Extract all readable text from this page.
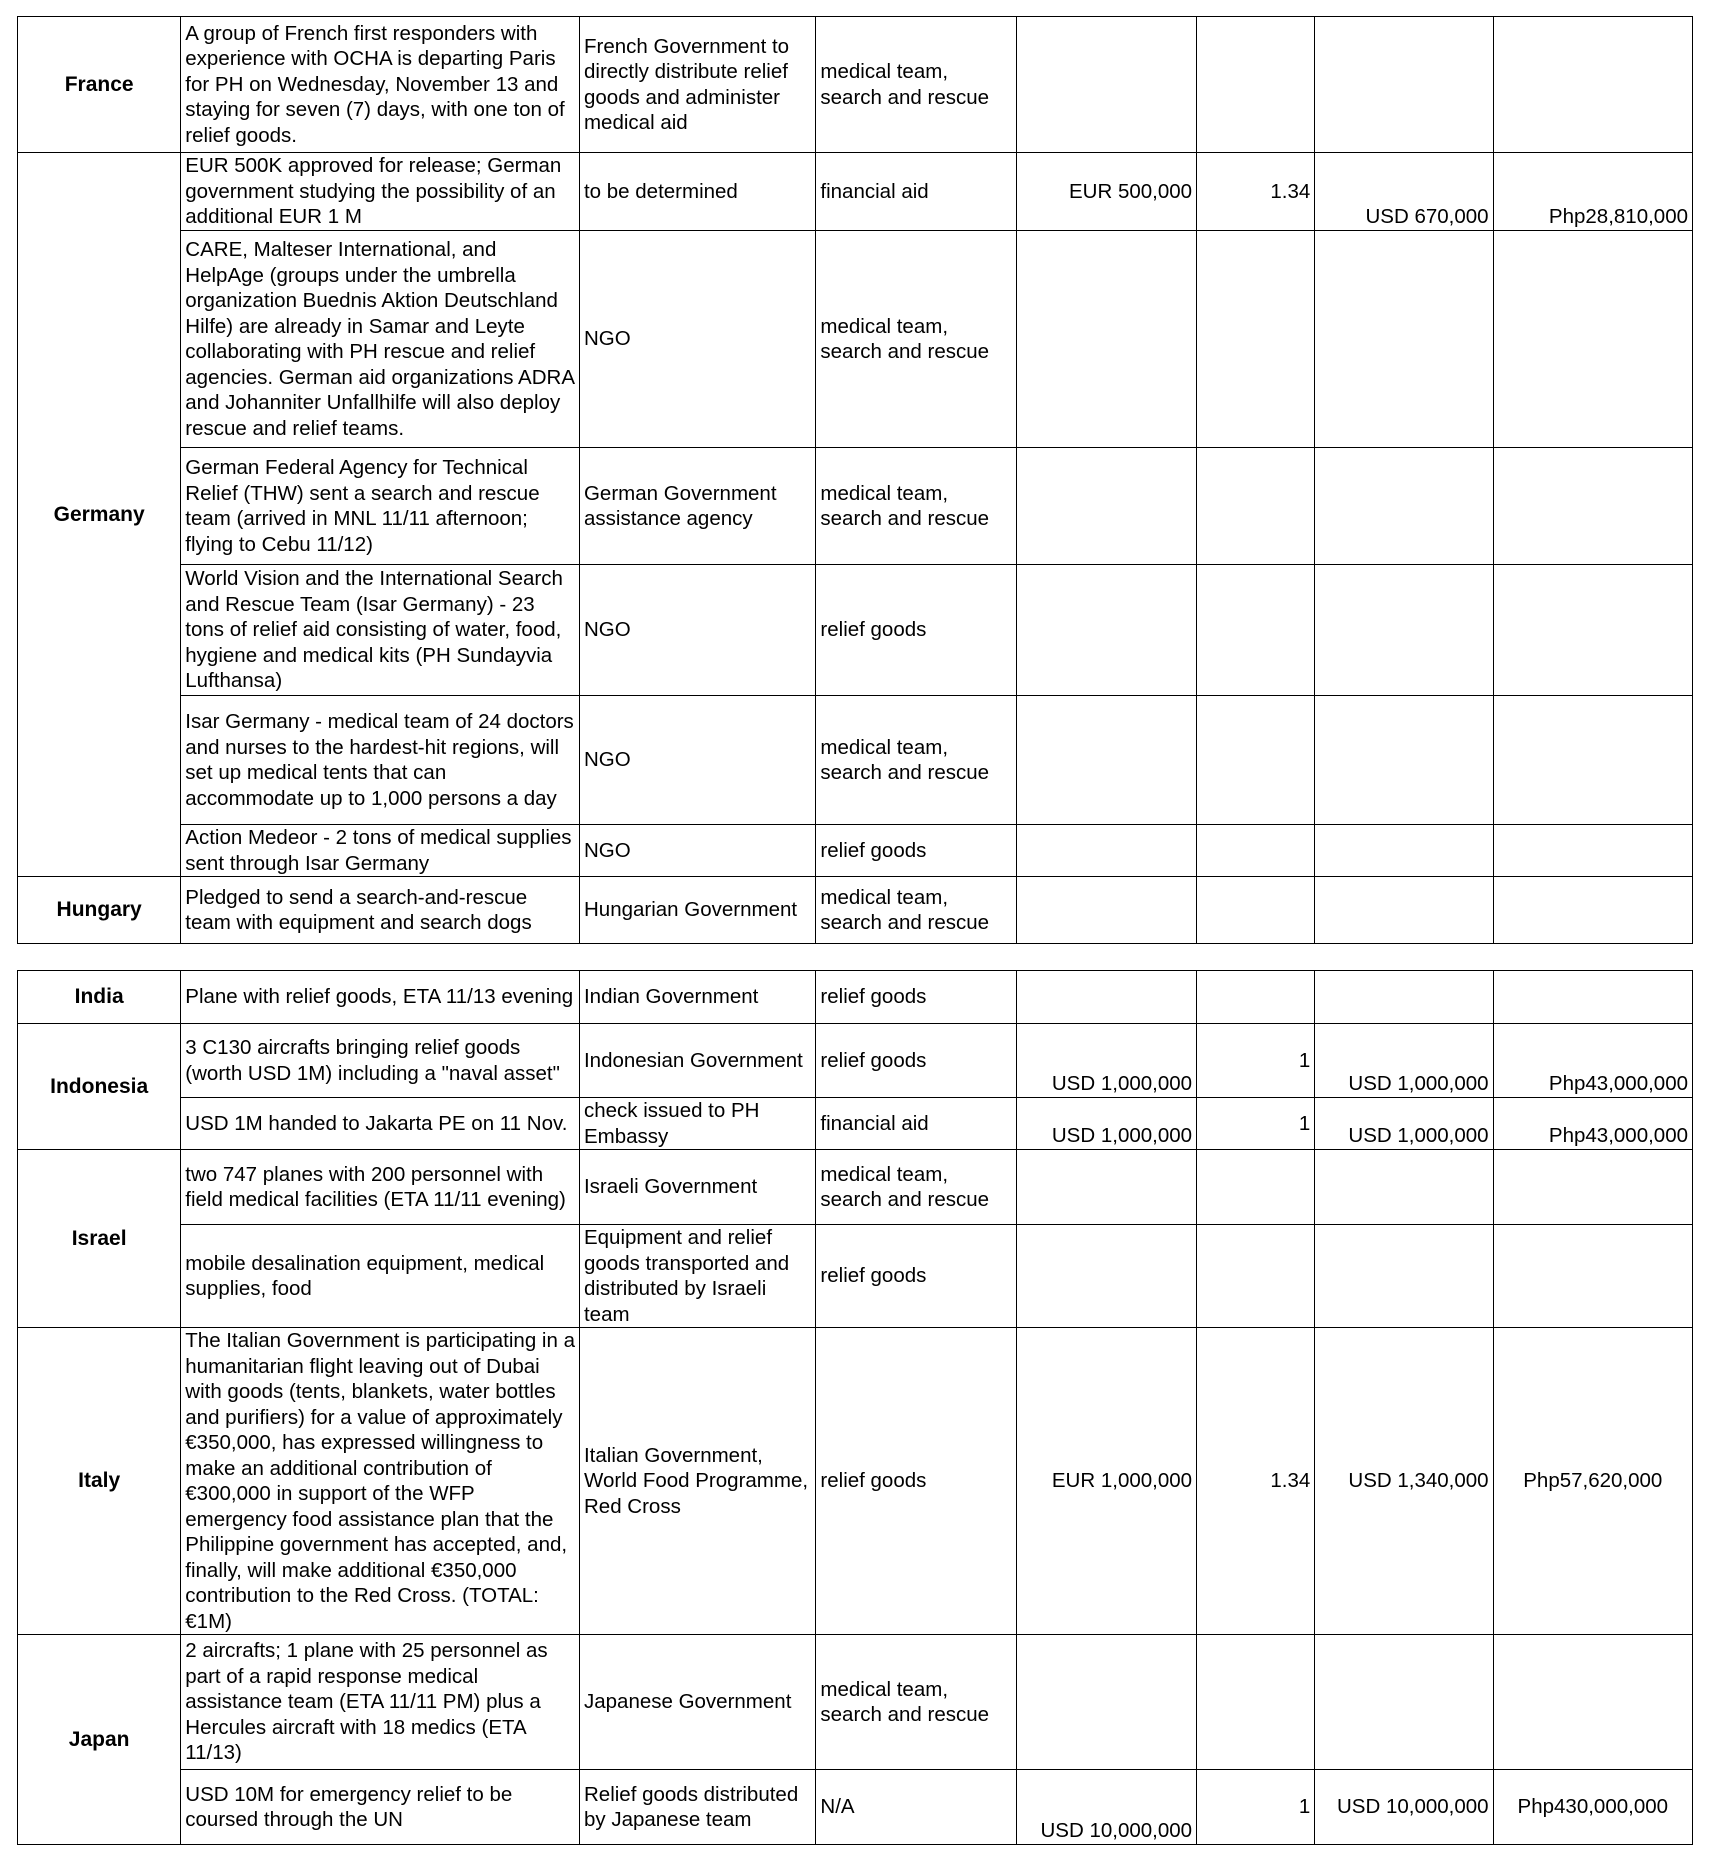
France	A group of French first responders with experience with OCHA is departing Paris for PH on Wednesday, November 13 and staying for seven (7) days, with one ton of relief goods.	French Government to directly distribute relief goods and administer medical aid	medical team, search and rescue				
Germany	EUR 500K approved for release; German government studying the possibility of an additional EUR 1 M	to be determined	financial aid	EUR 500,000	1.34	USD 670,000	Php28,810,000
	CARE, Malteser International, and HelpAge (groups under the umbrella organization Buednis Aktion Deutschland Hilfe) are already in Samar and Leyte collaborating with PH rescue and relief agencies. German aid organizations ADRA and Johanniter Unfallhilfe will also deploy rescue and relief teams.	NGO	medical team, search and rescue				
	German Federal Agency for Technical Relief (THW) sent a search and rescue team (arrived in MNL 11/11 afternoon; flying to Cebu 11/12)	German Government assistance agency	medical team, search and rescue				
	World Vision and the International Search and Rescue Team (Isar Germany) - 23 tons of relief aid consisting of water, food, hygiene and medical kits (PH Sundayvia Lufthansa)	NGO	relief goods				
	Isar Germany - medical team of 24 doctors and nurses to the hardest-hit regions, will set up medical tents that can accommodate up to 1,000 persons a day	NGO	medical team, search and rescue				
	Action Medeor - 2 tons of medical supplies sent through Isar Germany	NGO	relief goods				
Hungary	Pledged to send a search-and-rescue team with equipment and search dogs	Hungarian Government	medical team, search and rescue				
India	Plane with relief goods, ETA 11/13 evening	Indian Government	relief goods				
Indonesia	3 C130 aircrafts bringing relief goods (worth USD 1M) including a "naval asset"	Indonesian Government	relief goods	USD 1,000,000	1	USD 1,000,000	Php43,000,000
	USD 1M handed to Jakarta PE on 11 Nov.	check issued to PH Embassy	financial aid	USD 1,000,000	1	USD 1,000,000	Php43,000,000
Israel	two 747 planes with 200 personnel with field medical facilities (ETA 11/11 evening)	Israeli Government	medical team, search and rescue				
	mobile desalination equipment, medical supplies, food	Equipment and relief goods transported and distributed by Israeli team	relief goods				
Italy	The Italian Government is participating in a humanitarian flight leaving out of Dubai with goods (tents, blankets, water bottles and purifiers) for a value of approximately €350,000, has expressed willingness to make an additional contribution of €300,000 in support of the WFP emergency food assistance plan that the Philippine government has accepted, and, finally, will make additional €350,000 contribution to the Red Cross. (TOTAL: €1M)	Italian Government, World Food Programme, Red Cross	relief goods	EUR 1,000,000	1.34	USD 1,340,000	Php57,620,000
Japan	2 aircrafts; 1 plane with 25 personnel as part of a rapid response medical assistance team (ETA 11/11 PM) plus a Hercules aircraft with 18 medics (ETA 11/13)	Japanese Government	medical team, search and rescue				
	USD 10M for emergency relief to be coursed through the UN	Relief goods distributed by Japanese team	N/A	USD 10,000,000	1	USD 10,000,000	Php430,000,000
